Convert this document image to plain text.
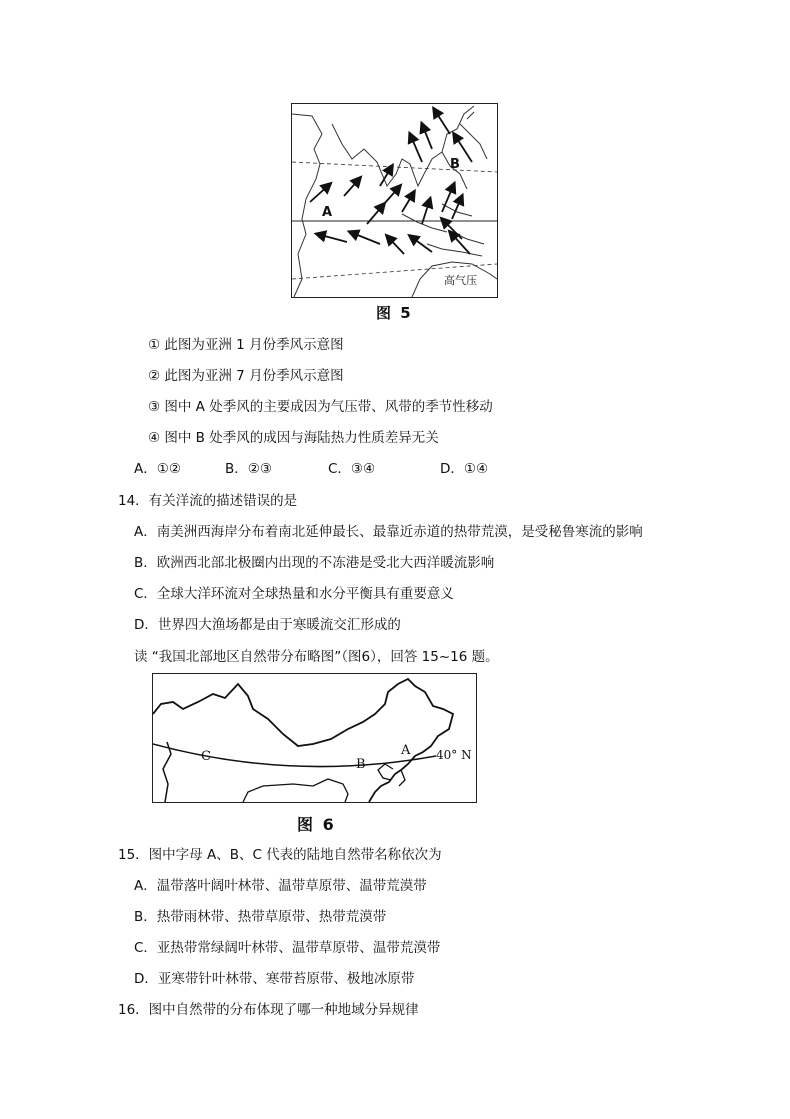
A
B
高气压
图 5
① 此图为亚洲 1 月份季风示意图
② 此图为亚洲 7 月份季风示意图
③ 图中 A 处季风的主要成因为气压带、风带的季节性移动
④ 图中 B 处季风的成因与海陆热力性质差异无关
A．①②	B．②③	C．③④	D．①④
14．有关洋流的描述错误的是
A．南美洲西海岸分布着南北延伸最长、最靠近赤道的热带荒漠，是受秘鲁寒流的影响
B．欧洲西北部北极圈内出现的不冻港是受北大西洋暖流影响
C．全球大洋环流对全球热量和水分平衡具有重要意义
D．世界四大渔场都是由于寒暖流交汇形成的
读 “我国北部地区自然带分布略图”（图6），回答 15~16 题。
C
B
A 40° N
图 6
15．图中字母 A、B、C 代表的陆地自然带名称依次为
A．温带落叶阔叶林带、温带草原带、温带荒漠带
B．热带雨林带、热带草原带、热带荒漠带
C．亚热带常绿阔叶林带、温带草原带、温带荒漠带
D．亚寒带针叶林带、寒带苔原带、极地冰原带
16．图中自然带的分布体现了哪一种地域分异规律
